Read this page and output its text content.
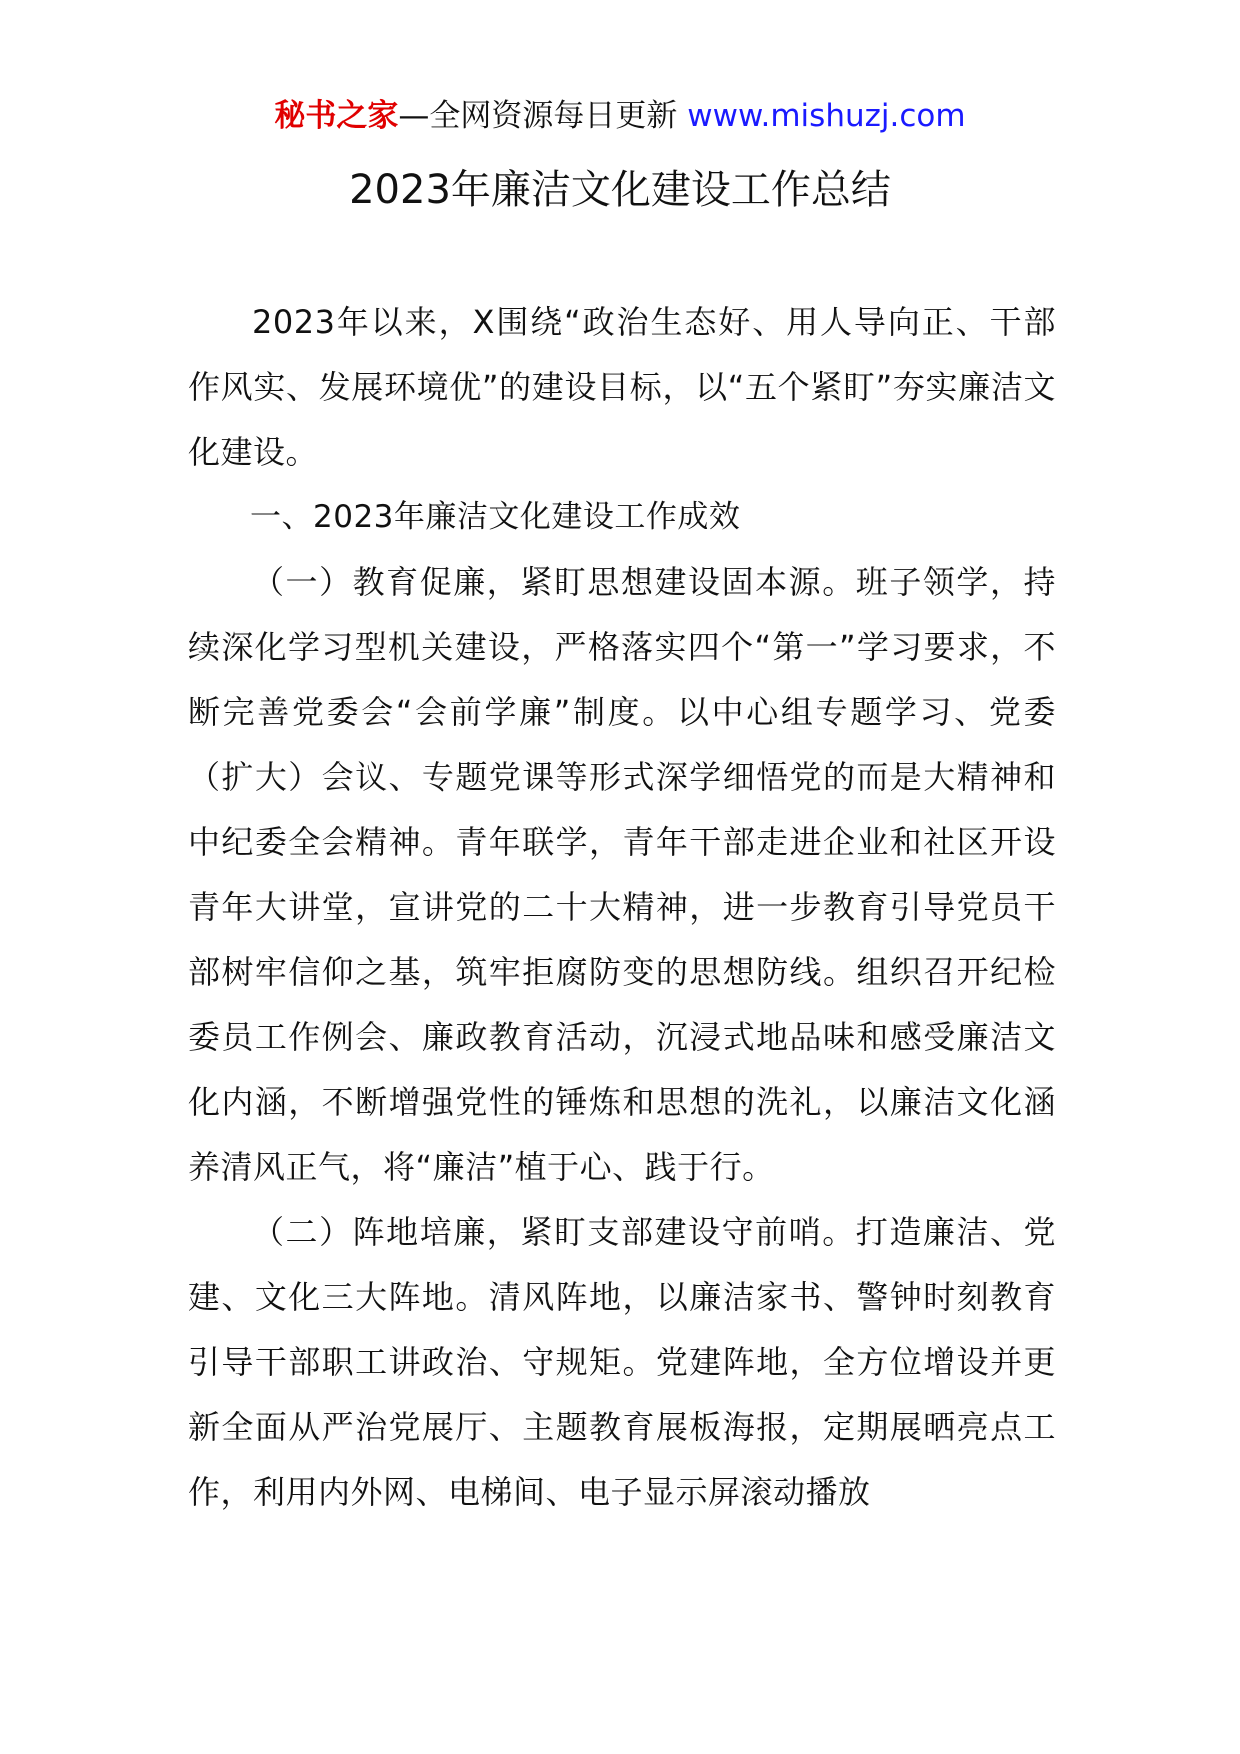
秘书之家—全网资源每日更新 www.mishuzj.com
2023年廉洁文化建设工作总结

2023年以来，X围绕“政治生态好、用人导向正、干部作风实、发展环境优”的建设目标，以“五个紧盯”夯实廉洁文化建设。

一、2023年廉洁文化建设工作成效

（一）教育促廉，紧盯思想建设固本源。班子领学，持续深化学习型机关建设，严格落实四个“第一”学习要求，不断完善党委会“会前学廉”制度。以中心组专题学习、党委（扩大）会议、专题党课等形式深学细悟党的而是大精神和中纪委全会精神。青年联学，青年干部走进企业和社区开设青年大讲堂，宣讲党的二十大精神，进一步教育引导党员干部树牢信仰之基，筑牢拒腐防变的思想防线。组织召开纪检委员工作例会、廉政教育活动，沉浸式地品味和感受廉洁文化内涵，不断增强党性的锤炼和思想的洗礼，以廉洁文化涵养清风正气，将“廉洁”植于心、践于行。

（二）阵地培廉，紧盯支部建设守前哨。打造廉洁、党建、文化三大阵地。清风阵地，以廉洁家书、警钟时刻教育引导干部职工讲政治、守规矩。党建阵地，全方位增设并更新全面从严治党展厅、主题教育展板海报，定期展晒亮点工作，利用内外网、电梯间、电子显示屏滚动播放
